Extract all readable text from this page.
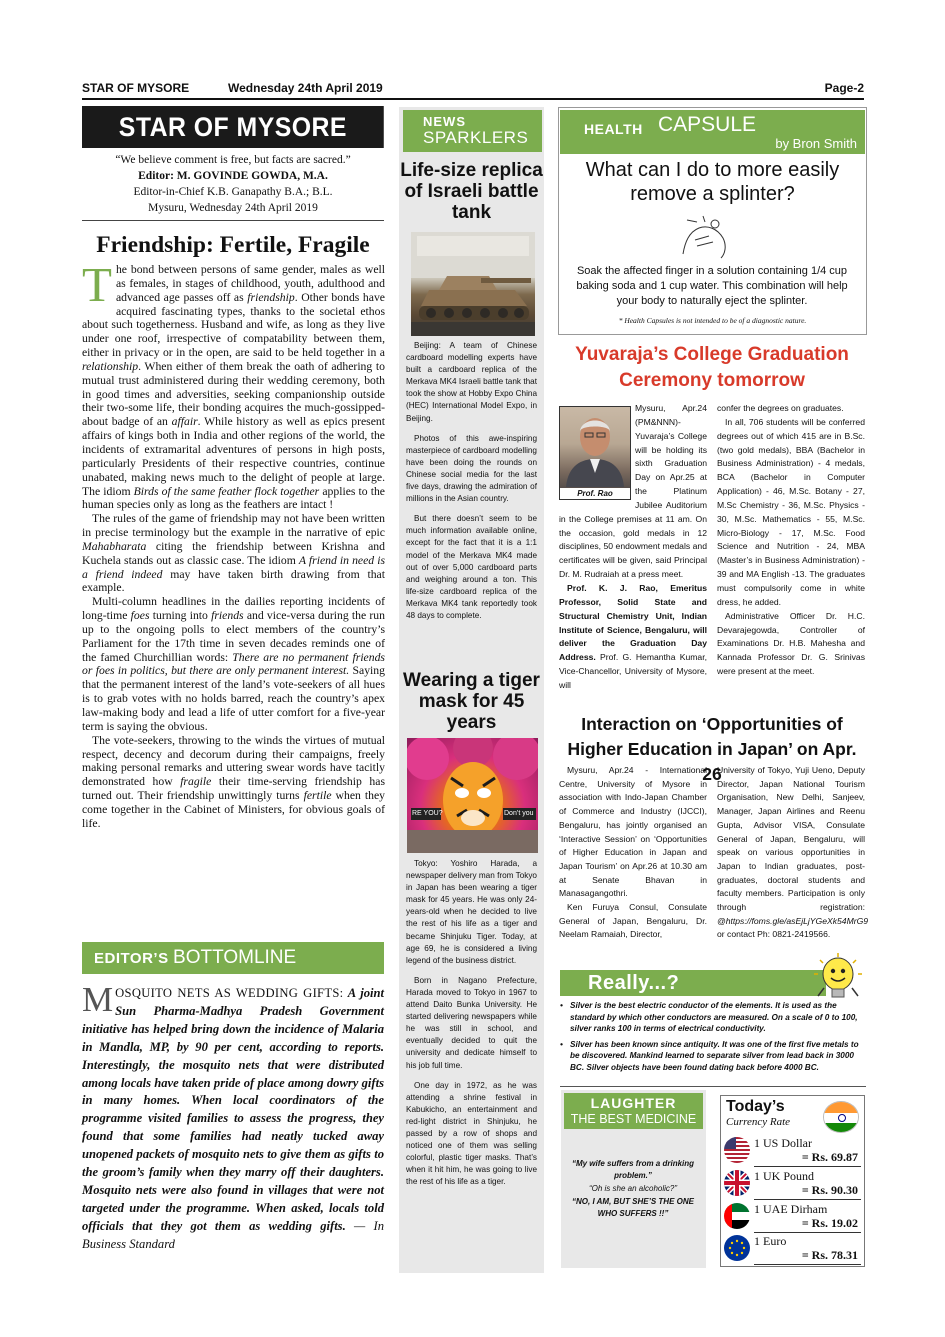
STAR OF MYSORE	Wednesday 24th April 2019	Page-2
STAR OF MYSORE
“We believe comment is free, but facts are sacred.”
Editor: M. GOVINDE GOWDA, M.A.
Editor-in-Chief K.B. Ganapathy B.A.; B.L.
Mysuru, Wednesday 24th April 2019
Friendship: Fertile, Fragile

The bond between persons of same gender, males as well as females, in stages of childhood, youth, adulthood and advanced age passes off as friendship. Other bonds have acquired fascinating types, thanks to the societal ethos about such togetherness. Husband and wife, as long as they live under one roof, irrespective of compatability between them, either in privacy or in the open, are said to be held together in a relationship. When either of them break the oath of adhering to mutual trust administered during their wedding ceremony, both in good times and adversities, seeking companionship outside their two-some life, their bonding acquires the much-gossipped-about badge of an affair. While history as well as epics present affairs of kings both in India and other regions of the world, the incidents of extramarital adventures of persons in high posts, particularly Presidents of their respective countries, continue unabated, making news much to the delight of people at large. The idiom Birds of the same feather flock together applies to the human species only as long as the feathers are intact !

The rules of the game of friendship may not have been written in precise terminology but the example in the narrative of epic Mahabharata citing the friendship between Krishna and Kuchela stands out as classic case. The idiom A friend in need is a friend indeed may have taken birth drawing from that example.

Multi-column headlines in the dailies reporting incidents of long-time foes turning into friends and vice-versa during the run up to the ongoing polls to elect members of the country’s Parliament for the 17th time in seven decades reminds one of the famed Churchillian words: There are no permanent friends or foes in politics, but there are only permanent interest. Saying that the permanent interest of the land’s vote-seekers of all hues is to grab votes with no holds barred, reach the country’s apex law-making body and lead a life of utter comfort for a five-year term is saying the obvious.

The vote-seekers, throwing to the winds the virtues of mutual respect, decency and decorum during their campaigns, freely making personal remarks and uttering swear words have tacitly demonstrated how fragile their time-serving friendship has turned out. Their friendship unwittingly turns fertile when they come together in the Cabinet of Ministers, for obvious goals of life.

EDITOR’S BOTTOMLINE
MOSQUITO NETS AS WEDDING GIFTS: A joint Sun Pharma-Madhya Pradesh Government initiative has helped bring down the incidence of Malaria in Mandla, MP, by 90 per cent, according to reports. Interestingly, the mosquito nets that were distributed among locals have taken pride of place among dowry gifts in many homes. When local coordinators of the programme visited families to assess the progress, they found that some families had neatly tucked away unopened packets of mosquito nets to give them as gifts to the groom’s family when they marry off their daughters. Mosquito nets were also found in villages that were not targeted under the programme. When asked, locals told officials that they got them as wedding gifts. — In Business Standard
NEWS
SPARKLERS
Life-size replica of Israeli battle tank

Beijing: A team of Chinese cardboard modelling experts have built a cardboard replica of the Merkava MK4 Israeli battle tank that took the show at Hobby Expo China (HEC) International Model Expo, in Beijing.

Photos of this awe-inspiring masterpiece of cardboard modelling have been doing the rounds on Chinese social media for the last five days, drawing the admiration of millions in the Asian country.

But there doesn’t seem to be much information available online, except for the fact that it is a 1:1 model of the Merkava MK4 made out of over 5,000 cardboard parts and weighing around a ton. This life-size cardboard replica of the Merkava MK4 tank reportedly took 48 days to complete.

Wearing a tiger mask for 45 years
RE YOU?	Don’t you

Tokyo: Yoshiro Harada, a newspaper delivery man from Tokyo in Japan has been wearing a tiger mask for 45 years. He was only 24-years-old when he decided to live the rest of his life as a tiger and became Shinjuku Tiger. Today, at age 69, he is considered a living legend of the business district.

Born in Nagano Prefecture, Harada moved to Tokyo in 1967 to attend Daito Bunka University. He started delivering newspapers while he was still in school, and eventually decided to quit the university and dedicate himself to his job full time.

One day in 1972, as he was attending a shrine festival in Kabukicho, an entertainment and red-light district in Shinjuku, he passed by a row of shops and noticed one of them was selling colorful, plastic tiger masks. That’s when it hit him, he was going to live the rest of his life as a tiger.

HEALTH CAPSULE
by Bron Smith
What can I do to more easily remove a splinter?
Soak the affected finger in a solution containing 1/4 cup baking soda and 1 cup water. This combination will help your body to naturally eject the splinter.
* Health Capsules is not intended to be of a diagnostic nature.
Yuvaraja’s College Graduation Ceremony tomorrow

Prof. Rao
Mysuru, Apr.24 (PM&NNN)- Yuvaraja’s College will be holding its sixth Graduation Day on Apr.25 at the Platinum Jubilee Auditorium in the College premises at 11 am. On the occasion, gold medals in 12 disciplines, 50 endowment medals and certificates will be given, said Principal Dr. M. Rudraiah at a press meet.

Prof. K. J. Rao, Emeritus Professor, Solid State and Structural Chemistry Unit, Indian Institute of Science, Bengaluru, will deliver the Graduation Day Address. Prof. G. Hemantha Kumar, Vice-Chancellor, University of Mysore, will

confer the degrees on graduates.

In all, 706 students will be conferred degrees out of which 415 are in B.Sc. (two gold medals), BBA (Bachelor in Business Administration) - 4 medals, BCA (Bachelor in Computer Application) - 46, M.Sc. Botany - 27, M.Sc Chemistry - 36, M.Sc. Physics - 30, M.Sc. Mathematics - 55, M.Sc. Micro-Biology - 17, M.Sc. Food Science and Nutrition - 24, MBA (Master’s in Business Administration) - 39 and MA English -13. The graduates must compulsorily come in white dress, he added.

Administrative Officer Dr. H.C. Devarajegowda, Controller of Examinations Dr. H.B. Mahesha and Kannada Professor Dr. G. Srinivas were present at the meet.

Interaction on ‘Opportunities of Higher Education in Japan’ on Apr. 26

Mysuru, Apr.24 - International Centre, University of Mysore in association with Indo-Japan Chamber of Commerce and Industry (IJCCI), Bengaluru, has jointly organised an ‘Interactive Session’ on ‘Opportunities of Higher Education in Japan and Japan Tourism’ on Apr.26 at 10.30 am at Senate Bhavan in Manasagangothri.

Ken Furuya Consul, Consulate General of Japan, Bengaluru, Dr. Neelam Ramaiah, Director,

University of Tokyo, Yuji Ueno, Deputy Director, Japan National Tourism Organisation, New Delhi, Sanjeev, Manager, Japan Airlines and Reenu Gupta, Advisor VISA, Consulate General of Japan, Bengaluru, will speak on various opportunities in Japan to Indian graduates, post-graduates, doctoral students and faculty members. Participation is only through registration: @https://foms.gle/asEjLjYGeXk54MrG9 or contact Ph: 0821-2419566.
Really...?
• Silver is the best electric conductor of the elements. It is used as the standard by which other conductors are measured. On a scale of 0 to 100, silver ranks 100 in terms of electrical conductivity.
• Silver has been known since antiquity. It was one of the first five metals to be discovered. Mankind learned to separate silver from lead back in 3000 BC. Silver objects have been found dating back before 4000 BC.
LAUGHTER
THE BEST MEDICINE
“My wife suffers from a drinking problem.”
“Oh is she an alcoholic?”
“NO, I AM, BUT SHE’S THE ONE WHO SUFFERS !!”
Today’s
Currency Rate
1 US Dollar
= Rs. 69.87
1 UK Pound
= Rs. 90.30
1 UAE Dirham
= Rs. 19.02
1 Euro
= Rs. 78.31
